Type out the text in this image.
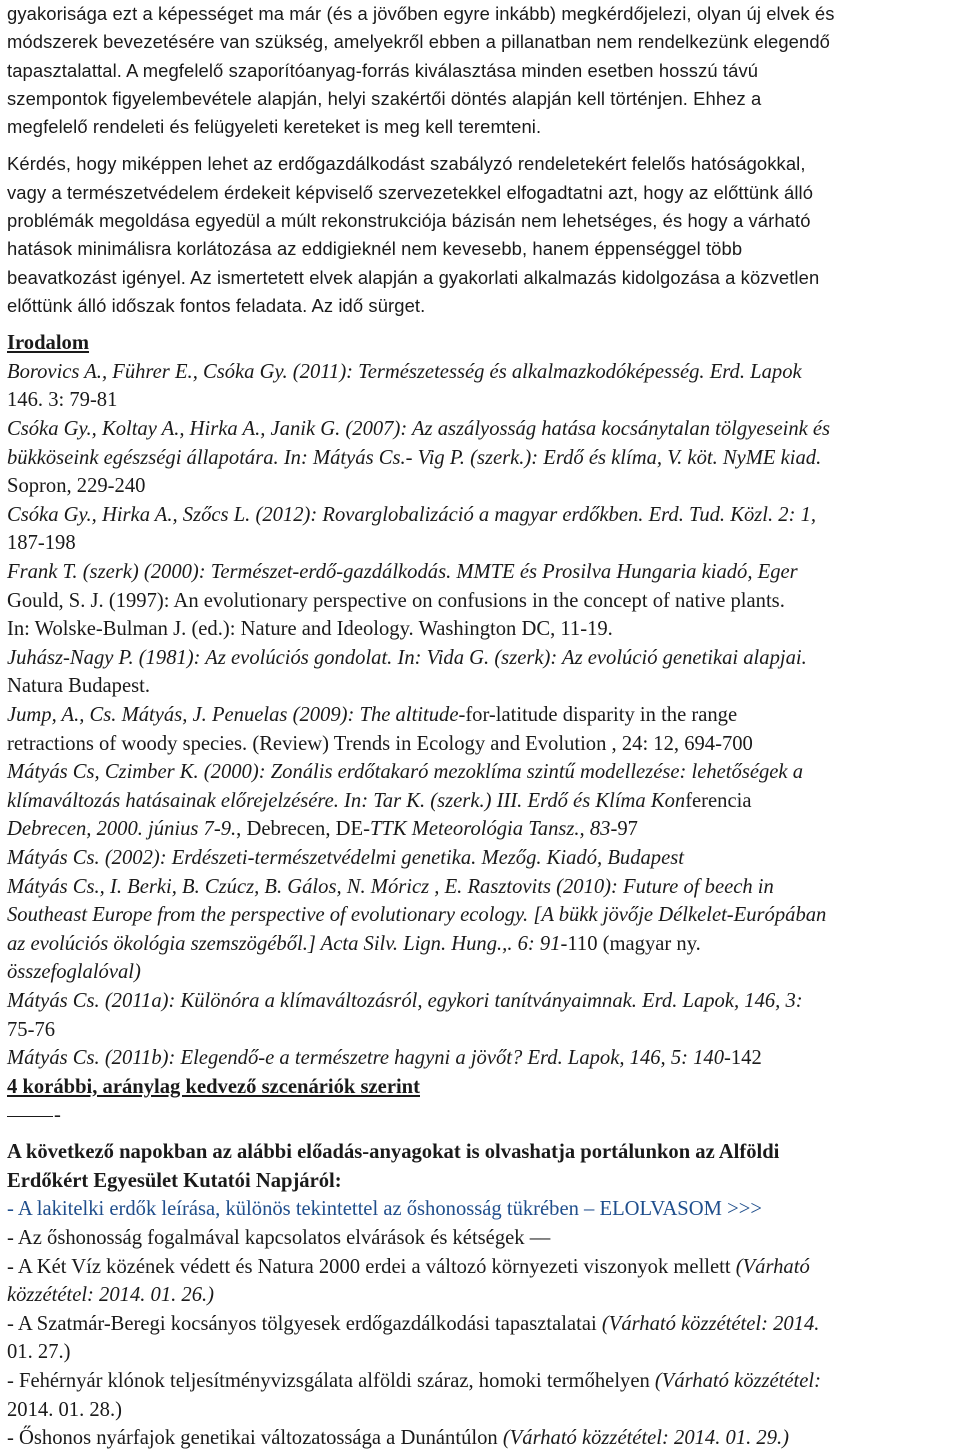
gyakorisága ezt a képességet ma már (és a jövőben egyre inkább) megkérdőjelezi, olyan új elvek és
módszerek bevezetésére van szükség, amelyekről ebben a pillanatban nem rendelkezünk elegendő
tapasztalattal. A megfelelő szaporítóanyag-forrás kiválasztása minden esetben hosszú távú
szempontok figyelembevétele alapján, helyi szakértői döntés alapján kell történjen. Ehhez a
megfelelő rendeleti és felügyeleti kereteket is meg kell teremteni.
Kérdés, hogy miképpen lehet az erdőgazdálkodást szabályzó rendeletekért felelős hatóságokkal,
vagy a természetvédelem érdekeit képviselő szervezetekkel elfogadtatni azt, hogy az előttünk álló
problémák megoldása egyedül a múlt rekonstrukciója bázisán nem lehetséges, és hogy a várható
hatások minimálisra korlátozása az eddigieknél nem kevesebb, hanem éppenséggel több
beavatkozást igényel. Az ismertetett elvek alapján a gyakorlati alkalmazás kidolgozása a közvetlen
előttünk álló időszak fontos feladata. Az idő sürget.

Irodalom

Borovics A., Führer E., Csóka Gy. (2011): Természetesség és alkalmazkodóképesség. Erd. Lapok
146. 3: 79-81
Csóka Gy., Koltay A., Hirka A., Janik G. (2007): Az aszályosság hatása kocsánytalan tölgyeseink és
bükköseink egészségi állapotára. In: Mátyás Cs.- Vig P. (szerk.): Erdő és klíma, V. köt. NyME kiad.
Sopron, 229-240
Csóka Gy., Hirka A., Szőcs L. (2012): Rovarglobalizáció a magyar erdőkben. Erd. Tud. Közl. 2: 1,
187-198
Frank T. (szerk) (2000): Természet-erdő-gazdálkodás. MMTE és Prosilva Hungaria kiadó, Eger
Gould, S. J. (1997): An evolutionary perspective on confusions in the concept of native plants.
In: Wolske-Bulman J. (ed.): Nature and Ideology. Washington DC, 11-19.
Juhász-Nagy P. (1981): Az evolúciós gondolat. In: Vida G. (szerk): Az evolúció genetikai alapjai.
Natura Budapest.
Jump, A., Cs. Mátyás, J. Penuelas (2009): The altitude-for-latitude disparity in the range
retractions of woody species. (Review) Trends in Ecology and Evolution , 24: 12, 694-700
Mátyás Cs, Czimber K. (2000): Zonális erdőtakaró mezoklíma szintű modellezése: lehetőségek a
klímaváltozás hatásainak előrejelzésére. In: Tar K. (szerk.) III. Erdő és Klíma Konferencia
Debrecen, 2000. június 7-9., Debrecen, DE-TTK Meteorológia Tansz., 83-97
Mátyás Cs. (2002): Erdészeti-természetvédelmi genetika. Mezőg. Kiadó, Budapest
Mátyás Cs., I. Berki, B. Czúcz, B. Gálos, N. Móricz , E. Rasztovits (2010): Future of beech in
Southeast Europe from the perspective of evolutionary ecology. [A bükk jövője Délkelet-Európában
az evolúciós ökológia szemszögéből.] Acta Silv. Lign. Hung.,. 6: 91-110 (magyar ny.
összefoglalóval)
Mátyás Cs. (2011a): Különóra a klímaváltozásról, egykori tanítványaimnak. Erd. Lapok, 146, 3:
75-76
Mátyás Cs. (2011b): Elegendő-e a természetre hagyni a jövőt? Erd. Lapok, 146, 5: 140-142

4 korábbi, aránylag kedvező szcenáriók szerint

-

A következő napokban az alábbi előadás-anyagokat is olvashatja portálunkon az Alföldi
Erdőkért Egyesület Kutatói Napjáról:

- A lakitelki erdők leírása, különös tekintettel az őshonosság tükrében – ELOLVASOM >>>

- Az őshonosság fogalmával kapcsolatos elvárások és kétségek ––

- A Két Víz közének védett és Natura 2000 erdei a változó környezeti viszonyok mellett (Várható
közzététel: 2014. 01. 26.)

- A Szatmár-Beregi kocsányos tölgyesek erdőgazdálkodási tapasztalatai (Várható közzététel: 2014.
01. 27.)

- Fehérnyár klónok teljesítményvizsgálata alföldi száraz, homoki termőhelyen (Várható közzététel:
2014. 01. 28.)

- Őshonos nyárfajok genetikai változatossága a Dunántúlon (Várható közzététel: 2014. 01. 29.)
